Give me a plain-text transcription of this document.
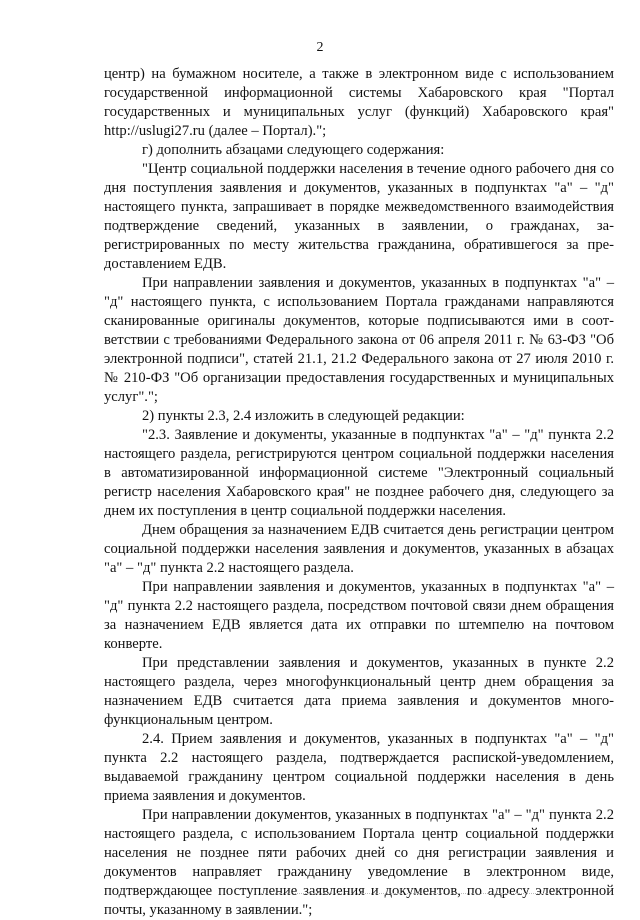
2

центр) на бумажном носителе, а также в электронном виде с использованием государственной информационной системы Хабаровского края "Портал государственных и муниципальных услуг (функций) Хабаровского края" http://uslugi27.ru (далее – Портал).";

г) дополнить абзацами следующего содержания:

"Центр социальной поддержки населения в течение одного рабочего дня со дня поступления заявления и документов, указанных в подпунктах "а" – "д" настоящего пункта, запрашивает в порядке межведомственного взаимодействия подтверждение сведений, указанных в заявлении, о гражданах, зарегистрированных по месту жительства гражданина, обратившегося за предоставлением ЕДВ.

При направлении заявления и документов, указанных в подпунктах "а" – "д" настоящего пункта, с использованием Портала гражданами направляются сканированные оригиналы документов, которые подписываются ими в соответствии с требованиями Федерального закона от 06 апреля 2011 г. № 63-ФЗ "Об электронной подписи", статей 21.1, 21.2 Федерального закона от 27 июля 2010 г. № 210-ФЗ "Об организации предоставления государственных и муниципальных услуг".";

2) пункты 2.3, 2.4 изложить в следующей редакции:

"2.3. Заявление и документы, указанные в подпунктах "а" – "д" пункта 2.2 настоящего раздела, регистрируются центром социальной поддержки населения в автоматизированной информационной системе "Электронный социальный регистр населения Хабаровского края" не позднее рабочего дня, следующего за днем их поступления в центр социальной поддержки населения.

Днем обращения за назначением ЕДВ считается день регистрации центром социальной поддержки населения заявления и документов, указанных в абзацах "а" – "д" пункта 2.2 настоящего раздела.

При направлении заявления и документов, указанных в подпунктах "а" – "д" пункта 2.2 настоящего раздела, посредством почтовой связи днем обращения за назначением ЕДВ является дата их отправки по штемпелю на почтовом конверте.

При представлении заявления и документов, указанных в пункте 2.2 настоящего раздела, через многофункциональный центр днем обращения за назначением ЕДВ считается дата приема заявления и документов многофункциональным центром.

2.4. Прием заявления и документов, указанных в подпунктах "а" – "д" пункта 2.2 настоящего раздела, подтверждается распиской-уведомлением, выдаваемой гражданину центром социальной поддержки населения в день приема заявления и документов.

При направлении документов, указанных в подпунктах "а" – "д" пункта 2.2 настоящего раздела, с использованием Портала центр социальной поддержки населения не позднее пяти рабочих дней со дня регистрации заявления и документов направляет гражданину уведомление в электронном виде, подтверждающее поступление заявления и документов, по адресу электронной почты, указанному в заявлении.";
